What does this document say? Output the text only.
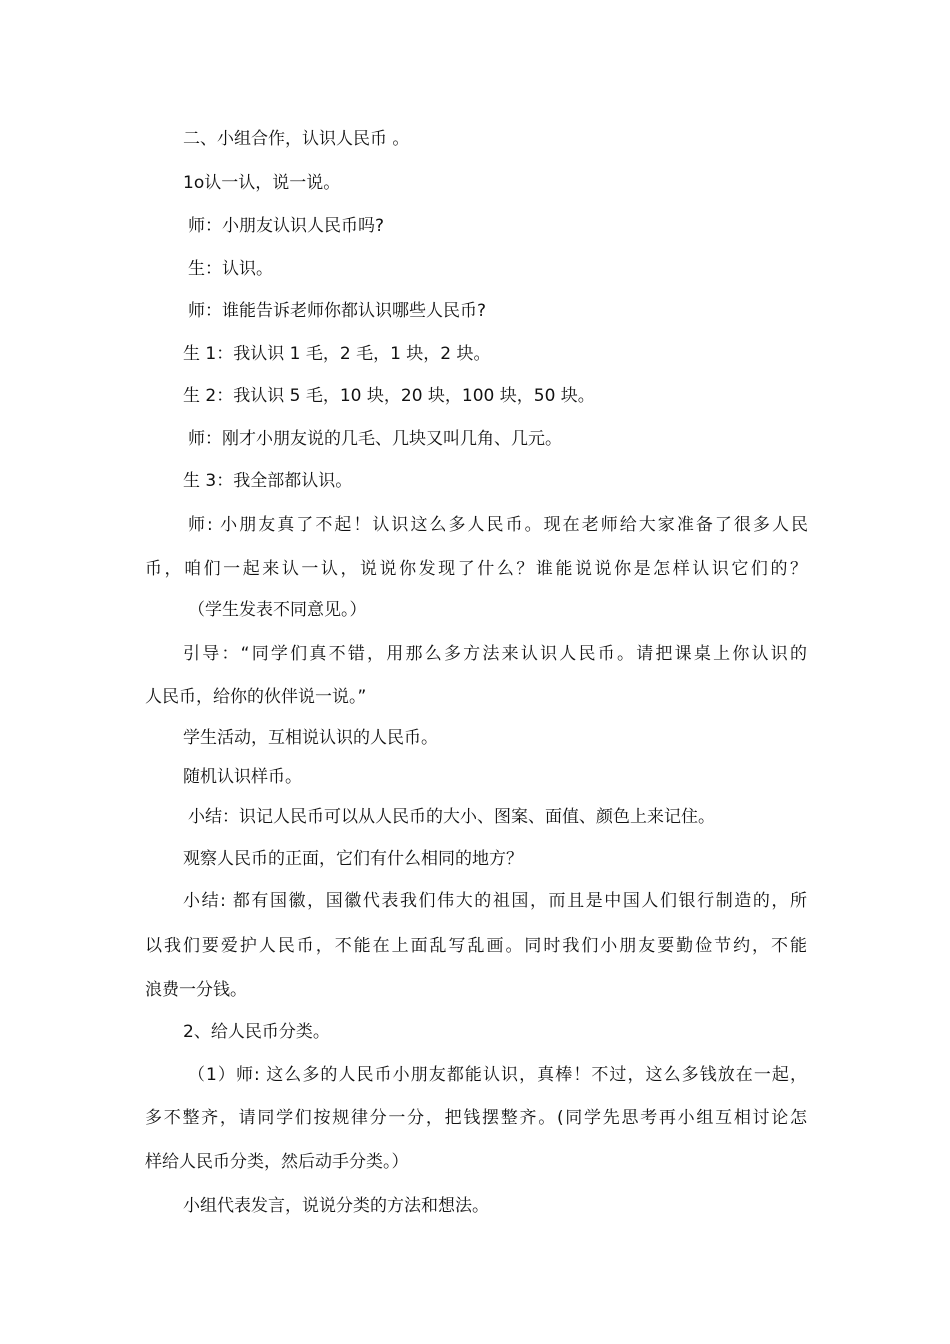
二、小组合作，认识人民币 。

1o认一认，说一说。

师：小朋友认识人民币吗?

生：认识。

师：谁能告诉老师你都认识哪些人民币?

生 1：我认识 1 毛，2 毛，1 块，2 块。

生 2：我认识 5 毛，10 块，20 块，100 块，50 块。

师：刚才小朋友说的几毛、几块又叫几角、几元。

生 3：我全部都认识。

师: 小朋友真了不起！认识这么多人民币。现在老师给大家准备了很多人民

币，咱们一起来认一认，说说你发现了什么？谁能说说你是怎样认识它们的？

（学生发表不同意见。）

引导：“同学们真不错，用那么多方法来认识人民币。请把课桌上你认识的

人民币，给你的伙伴说一说。”

学生活动，互相说认识的人民币。

随机认识样币。

小结：识记人民币可以从人民币的大小、图案、面值、颜色上来记住。

观察人民币的正面，它们有什么相同的地方？

小结: 都有国徽，国徽代表我们伟大的祖国，而且是中国人们银行制造的，所

以我们要爱护人民币，不能在上面乱写乱画。同时我们小朋友要勤俭节约，不能

浪费一分钱。

2、给人民币分类。

（1）师: 这么多的人民币小朋友都能认识，真棒！不过，这么多钱放在一起，

多不整齐，请同学们按规律分一分，把钱摆整齐。(同学先思考再小组互相讨论怎

样给人民币分类，然后动手分类。）

小组代表发言，说说分类的方法和想法。
